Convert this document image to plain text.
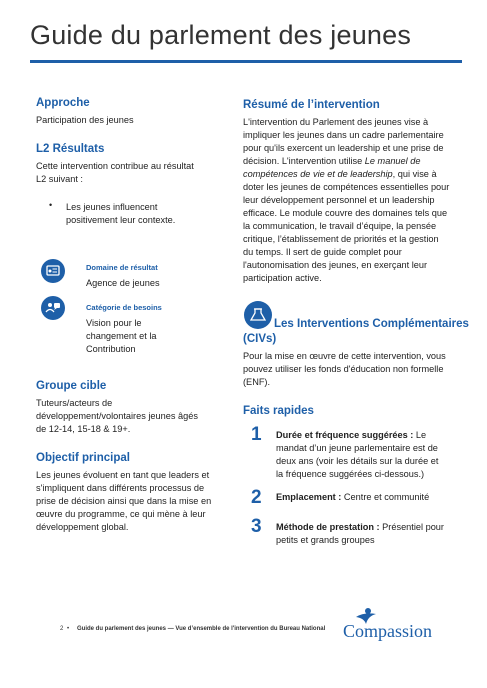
Guide du parlement des jeunes
Approche
Participation des jeunes
L2 Résultats
Cette intervention contribue au résultat
L2 suivant :
• Les jeunes influencent
positivement leur contexte.
Domaine de résultat
Agence de jeunes
Catégorie de besoins
Vision pour le
changement et la
Contribution
Groupe cible
Tuteurs/acteurs de
développement/volontaires jeunes âgés
de 12-14, 15-18 & 19+.
Objectif principal
Les jeunes évoluent en tant que leaders et
s'impliquent dans différents processus de
prise de décision ainsi que dans la mise en
œuvre du programme, ce qui mène à leur
développement global.
Résumé de l’intervention
L'intervention du Parlement des jeunes vise à
impliquer les jeunes dans un cadre parlementaire
pour qu'ils exercent un leadership et une prise de
décision. L'intervention utilise Le manuel de
compétences de vie et de leadership, qui vise à
doter les jeunes de compétences essentielles pour
leur développement personnel et un leadership
efficace. Le module couvre des domaines tels que
la communication, le travail d’équipe, la pensée
critique, l’établissement de priorités et la gestion
du temps. Il sert de guide complet pour
l'autonomisation des jeunes, en exerçant leur
participation active.
Les Interventions Complémentaires
(CIVs)
Pour la mise en œuvre de cette intervention, vous
pouvez utiliser les fonds d'éducation non formelle
(ENF).
Faits rapides
1 Durée et fréquence suggérées : Le
mandat d’un jeune parlementaire est de
deux ans (voir les détails sur la durée et
la fréquence suggérées ci-dessous.)
2 Emplacement : Centre et communité
3 Méthode de prestation : Présentiel pour
petits et grands groupes
2 • Guide du parlement des jeunes — Vue d’ensemble de l'intervention du Bureau National Compassion
